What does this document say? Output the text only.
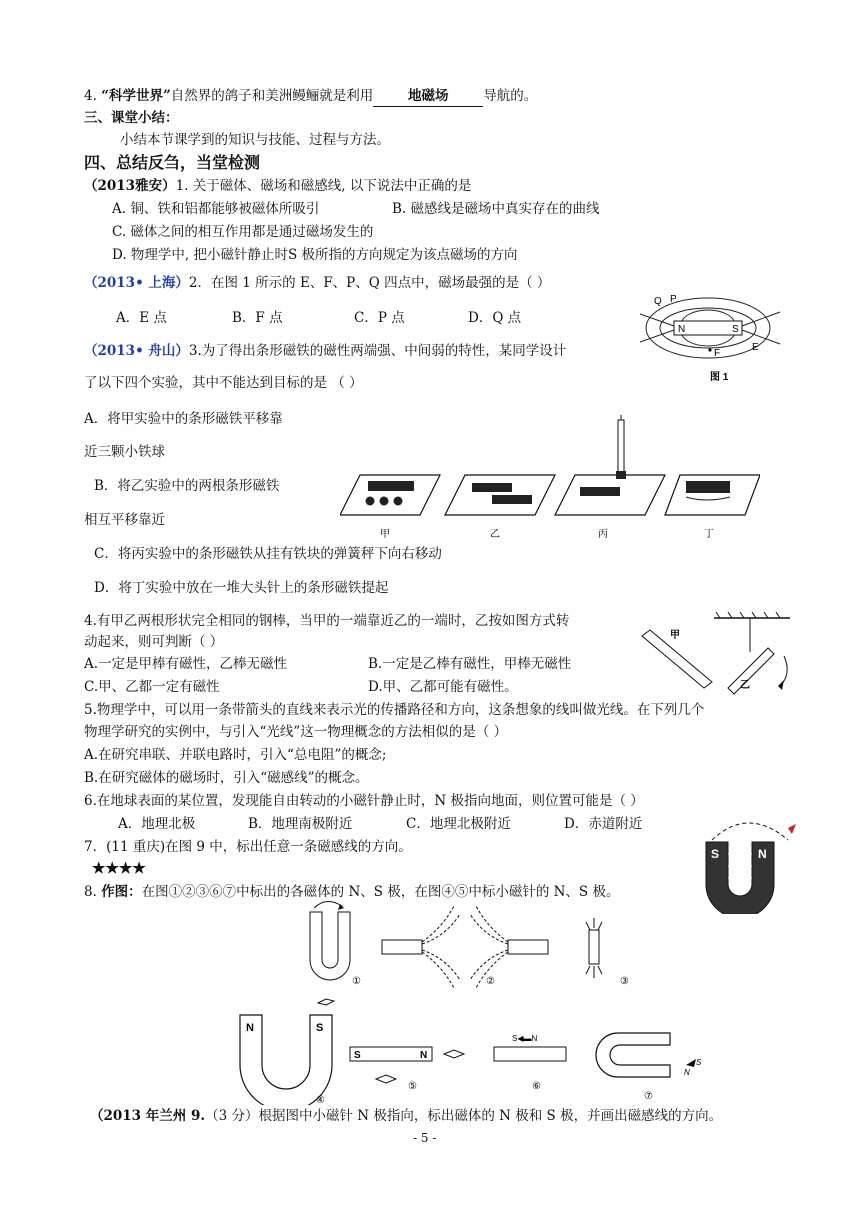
4. “科学世界”自然界的鸽子和美洲鳗鲡就是利用	地磁场	导航的。
三、课堂小结：
小结本节课学到的知识与技能、过程与方法。
四、总结反刍，当堂检测
（2013雅安）1. 关于磁体、磁场和磁感线, 以下说法中正确的是
A. 铜、铁和铝都能够被磁体所吸引	B. 磁感线是磁场中真实存在的曲线
C. 磁体之间的相互作用都是通过磁场发生的
D. 物理学中, 把小磁针静止时S 极所指的方向规定为该点磁场的方向
（2013• 上海）2．在图 1 所示的 E、F、P、Q 四点中，磁场最强的是（ ）
A．E 点	B．F 点	C．P 点	D．Q 点
N	S
Q P
F
E
图 1
（2013• 舟山）3.为了得出条形磁铁的磁性两端强、中间弱的特性，某同学设计
了以下四个实验，其中不能达到目标的是 （ ）
A．将甲实验中的条形磁铁平移靠
近三颗小铁球
B．将乙实验中的两根条形磁铁
相互平移靠近
C．将丙实验中的条形磁铁从挂有铁块的弹簧秤下向右移动
D．将丁实验中放在一堆大头针上的条形磁铁提起
甲	乙	丙	丁
4.有甲乙两根形状完全相同的钢棒，当甲的一端靠近乙的一端时，乙按如图方式转
动起来，则可判断（ ）
A.一定是甲棒有磁性，乙棒无磁性	B.一定是乙棒有磁性，甲棒无磁性
C.甲、乙都一定有磁性	D.甲、乙都可能有磁性。
甲
乙
5.物理学中，可以用一条带箭头的直线来表示光的传播路径和方向，这条想象的线叫做光线。在下列几个
物理学研究的实例中，与引入“光线”这一物理概念的方法相似的是（ ）
A.在研究串联、并联电路时，引入“总电阻”的概念;
B.在研究磁体的磁场时，引入“磁感线”的概念。
6.在地球表面的某位置，发现能自由转动的小磁针静止时，N 极指向地面，则位置可能是（ ）
A．地理北极	B．地理南极附近	C．地理北极附近	D．赤道附近
7．(11 重庆)在图 9 中，标出任意一条磁感线的方向。
★★★★
S	N
8. 作图：在图①②③⑥⑦中标出的各磁体的 N、S 极，在图④⑤中标小磁针的 N、S 极。
①	②	③
N	S
④
S	N
⑤
S◀▬N
⑥
N
S
⑦
（2013 年兰州 9.（3 分）根据图中小磁针 N 极指向，标出磁体的 N 极和 S 极，并画出磁感线的方向。
- 5 -
